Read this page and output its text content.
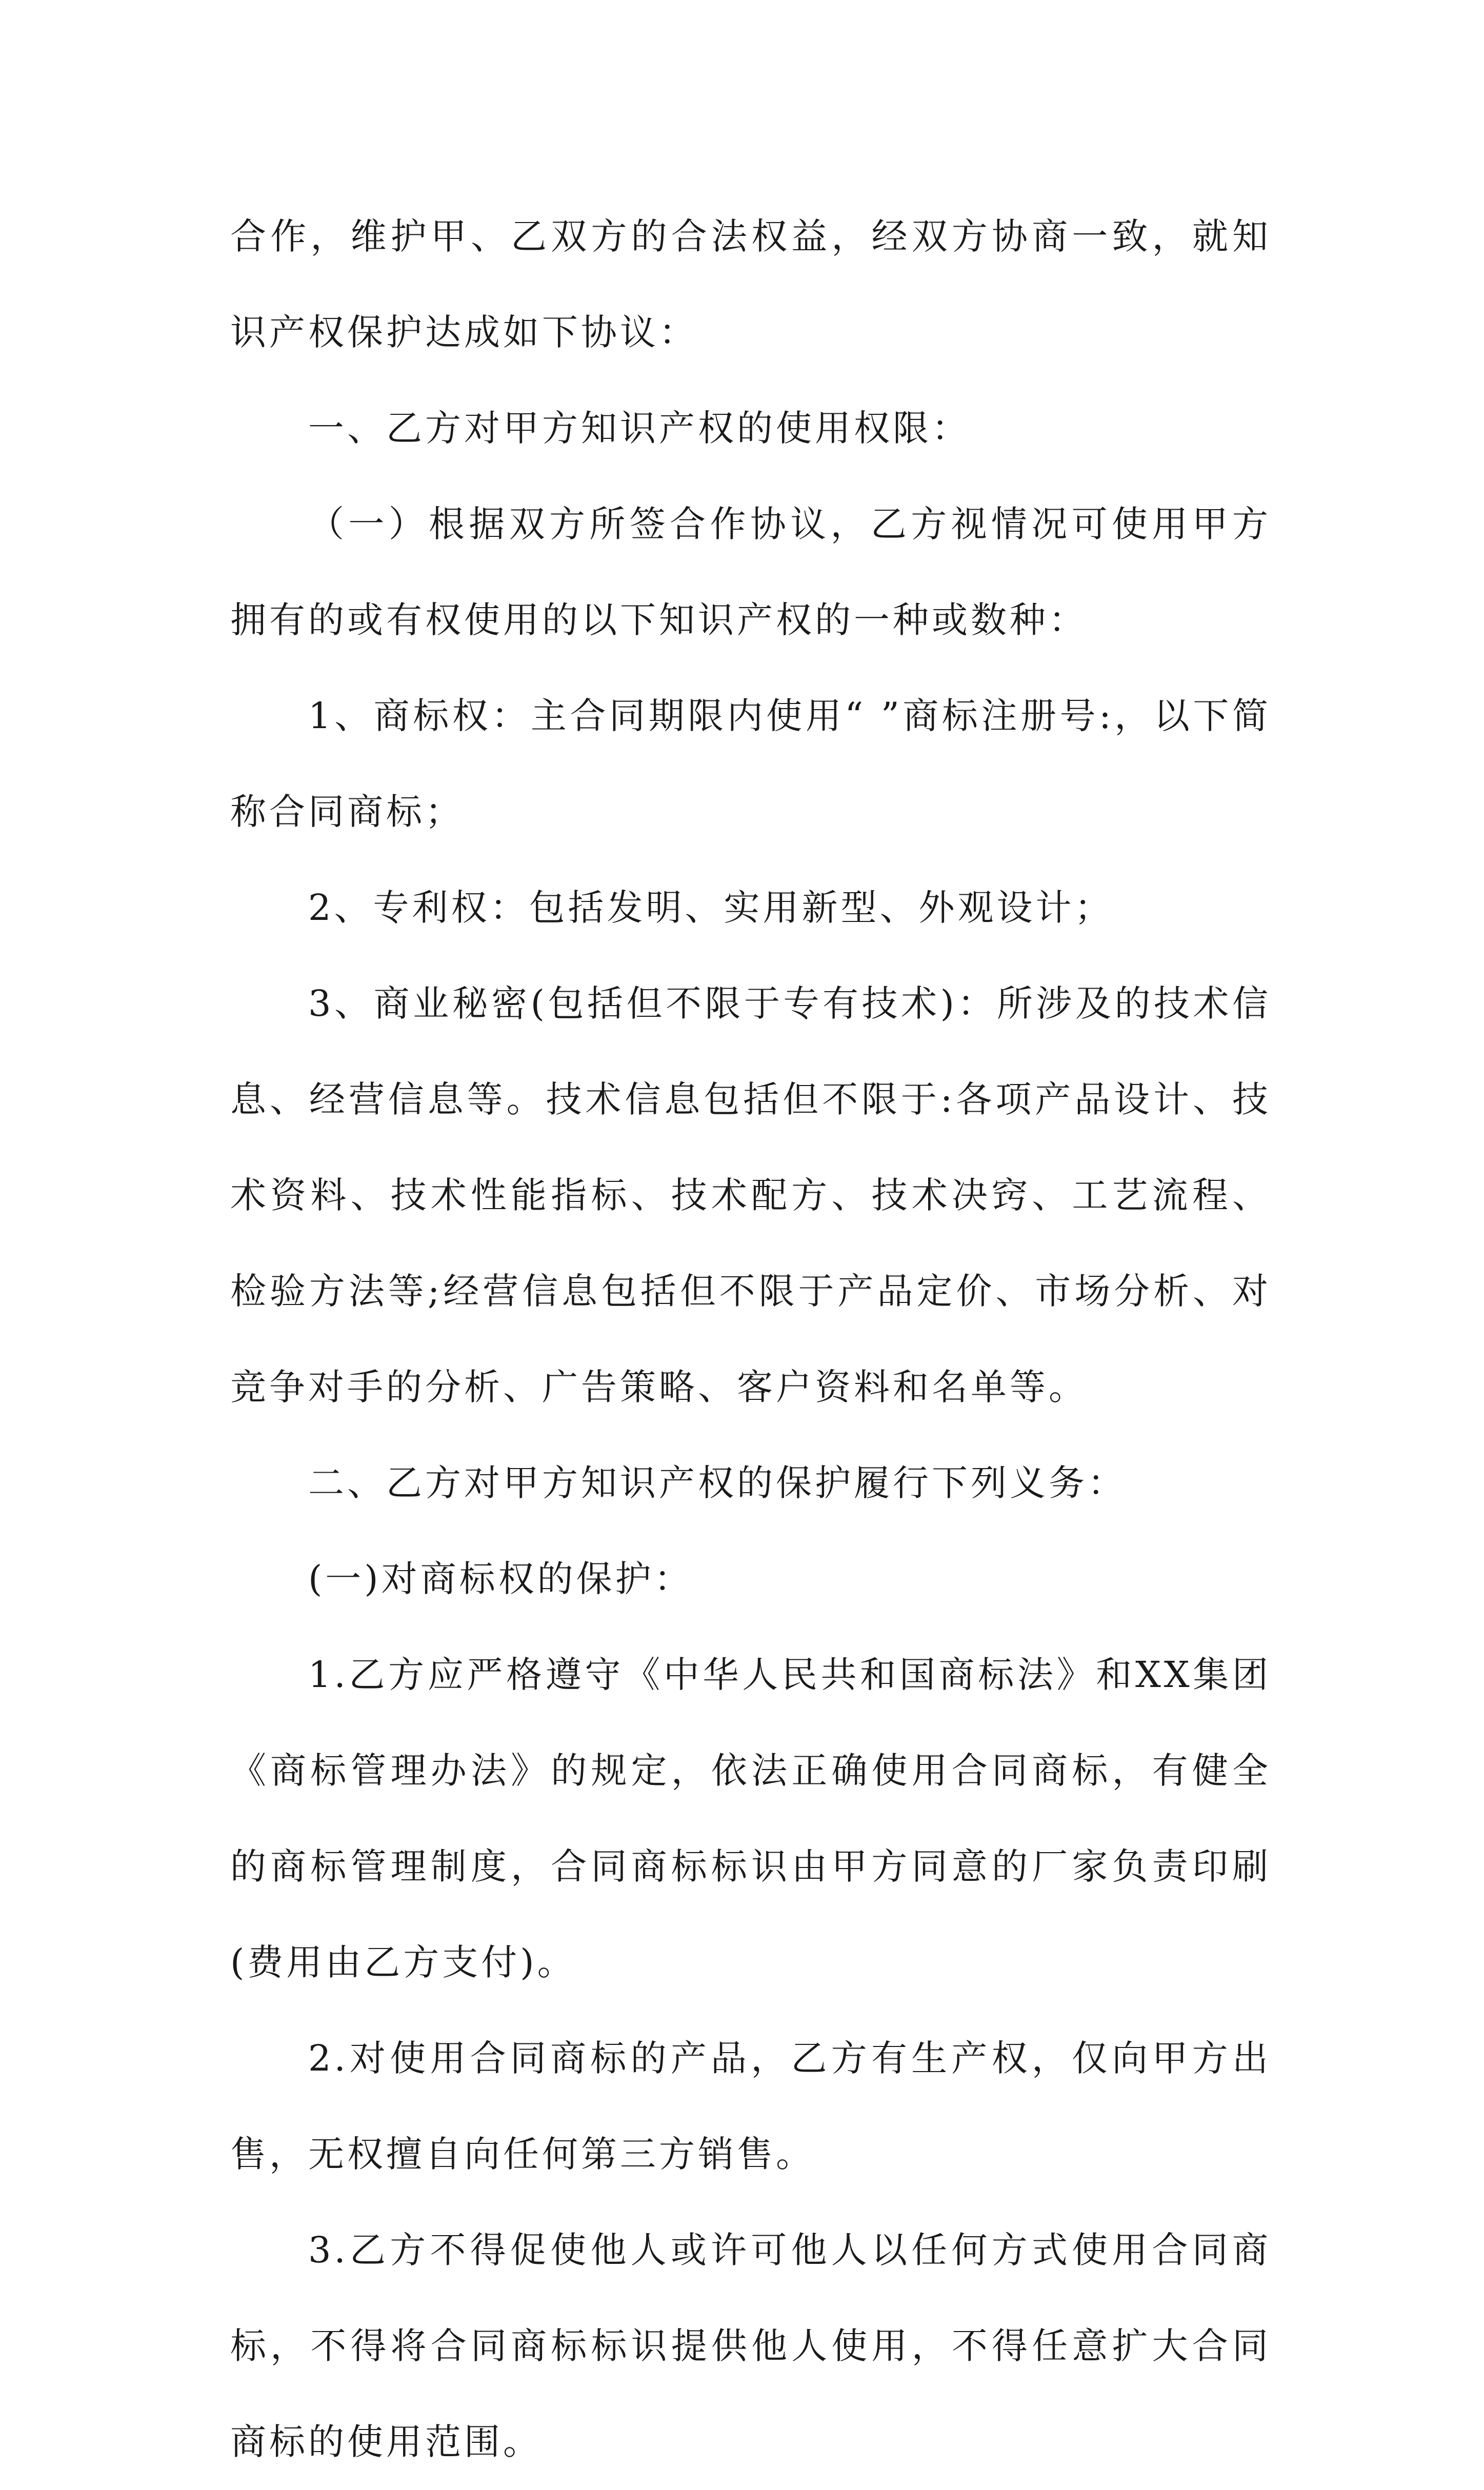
合作，维护甲、乙双方的合法权益，经双方协商一致，就知识产权保护达成如下协议：

一、乙方对甲方知识产权的使用权限：

（一）根据双方所签合作协议，乙方视情况可使用甲方拥有的或有权使用的以下知识产权的一种或数种：

1、商标权：主合同期限内使用“ ”商标注册号:，以下简称合同商标；

2、专利权：包括发明、实用新型、外观设计；

3、商业秘密(包括但不限于专有技术)：所涉及的技术信息、经营信息等。技术信息包括但不限于:各项产品设计、技术资料、技术性能指标、技术配方、技术决窍、工艺流程、检验方法等;经营信息包括但不限于产品定价、市场分析、对竞争对手的分析、广告策略、客户资料和名单等。

二、乙方对甲方知识产权的保护履行下列义务：

(一)对商标权的保护：

1.乙方应严格遵守《中华人民共和国商标法》和XX集团《商标管理办法》的规定，依法正确使用合同商标，有健全的商标管理制度，合同商标标识由甲方同意的厂家负责印刷(费用由乙方支付)。

2.对使用合同商标的产品，乙方有生产权，仅向甲方出售，无权擅自向任何第三方销售。

3.乙方不得促使他人或许可他人以任何方式使用合同商标，不得将合同商标标识提供他人使用，不得任意扩大合同商标的使用范围。
